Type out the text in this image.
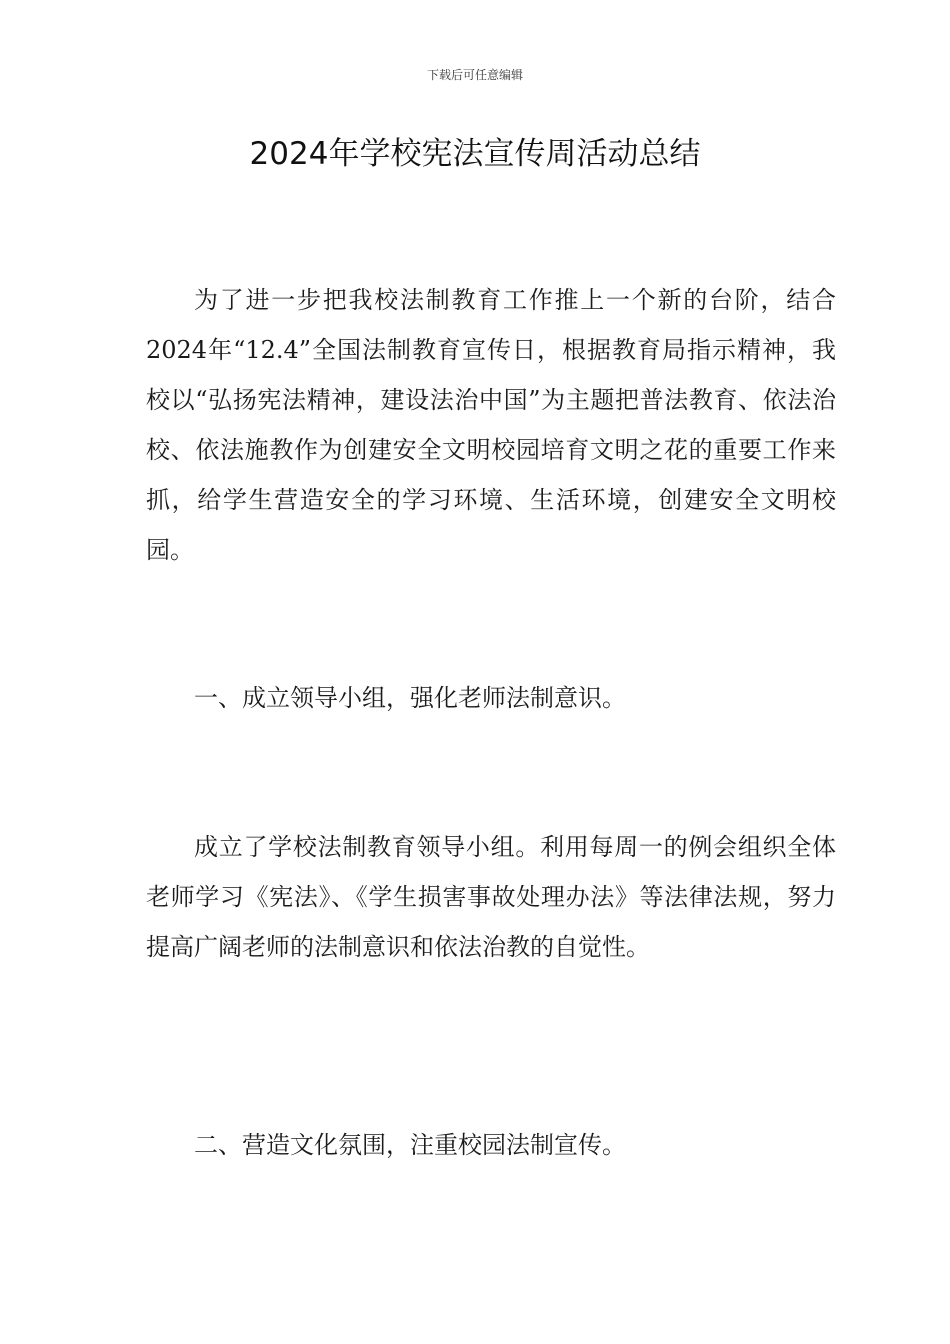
下载后可任意编辑
2024年学校宪法宣传周活动总结

为了进一步把我校法制教育工作推上一个新的台阶，结合2024年“12.4”全国法制教育宣传日，根据教育局指示精神，我校以“弘扬宪法精神，建设法治中国”为主题把普法教育、依法治校、依法施教作为创建安全文明校园培育文明之花的重要工作来抓，给学生营造安全的学习环境、生活环境，创建安全文明校园。

一、成立领导小组，强化老师法制意识。

成立了学校法制教育领导小组。利用每周一的例会组织全体老师学习《宪法》、《学生损害事故处理办法》等法律法规，努力提高广阔老师的法制意识和依法治教的自觉性。

二、营造文化氛围，注重校园法制宣传。
